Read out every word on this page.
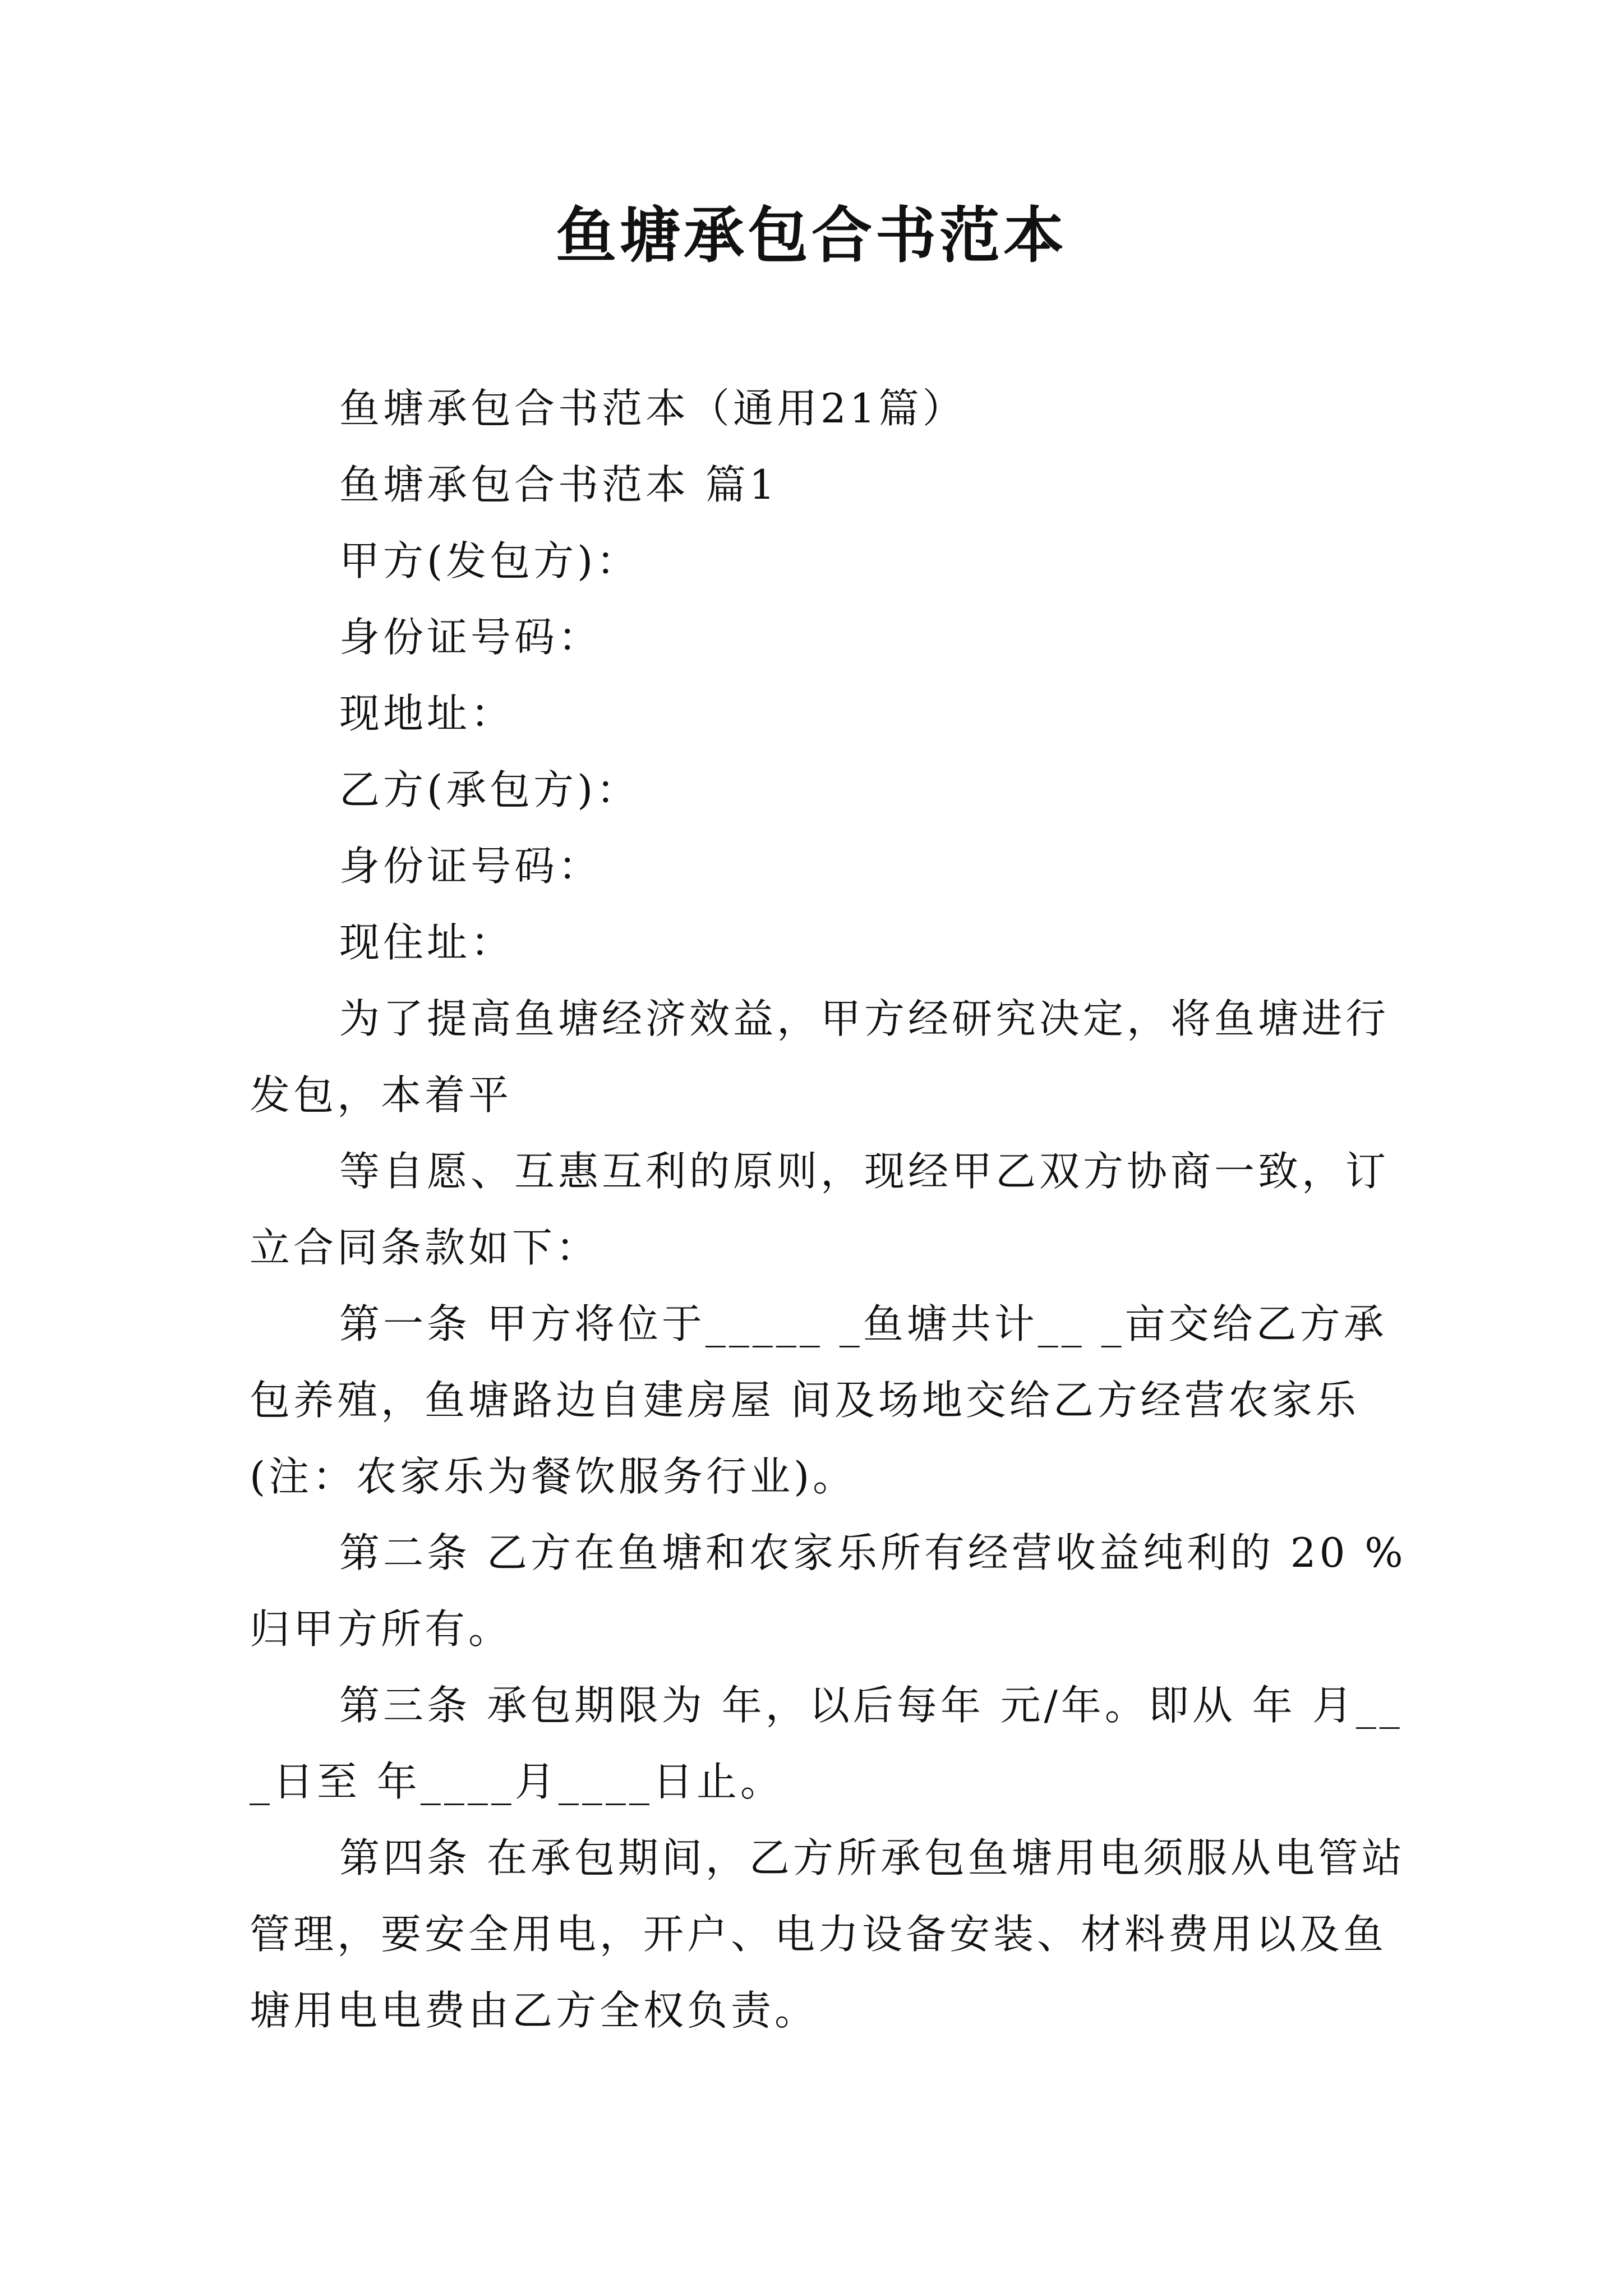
鱼塘承包合书范本

鱼塘承包合书范本（通用21篇）

鱼塘承包合书范本 篇1

甲方(发包方)：

身份证号码：

现地址：

乙方(承包方)：

身份证号码：

现住址：

为了提高鱼塘经济效益，甲方经研究决定，将鱼塘进行发包，本着平

等自愿、互惠互利的原则，现经甲乙双方协商一致，订立合同条款如下：

第一条 甲方将位于_____ _鱼塘共计__ _亩交给乙方承包养殖，鱼塘路边自建房屋 间及场地交给乙方经营农家乐(注：农家乐为餐饮服务行业)。

第二条 乙方在鱼塘和农家乐所有经营收益纯利的 20 %归甲方所有。

第三条 承包期限为 年，以后每年 元/年。即从 年 月__ _日至 年____月____日止。

第四条 在承包期间，乙方所承包鱼塘用电须服从电管站管理，要安全用电，开户、电力设备安装、材料费用以及鱼塘用电电费由乙方全权负责。
